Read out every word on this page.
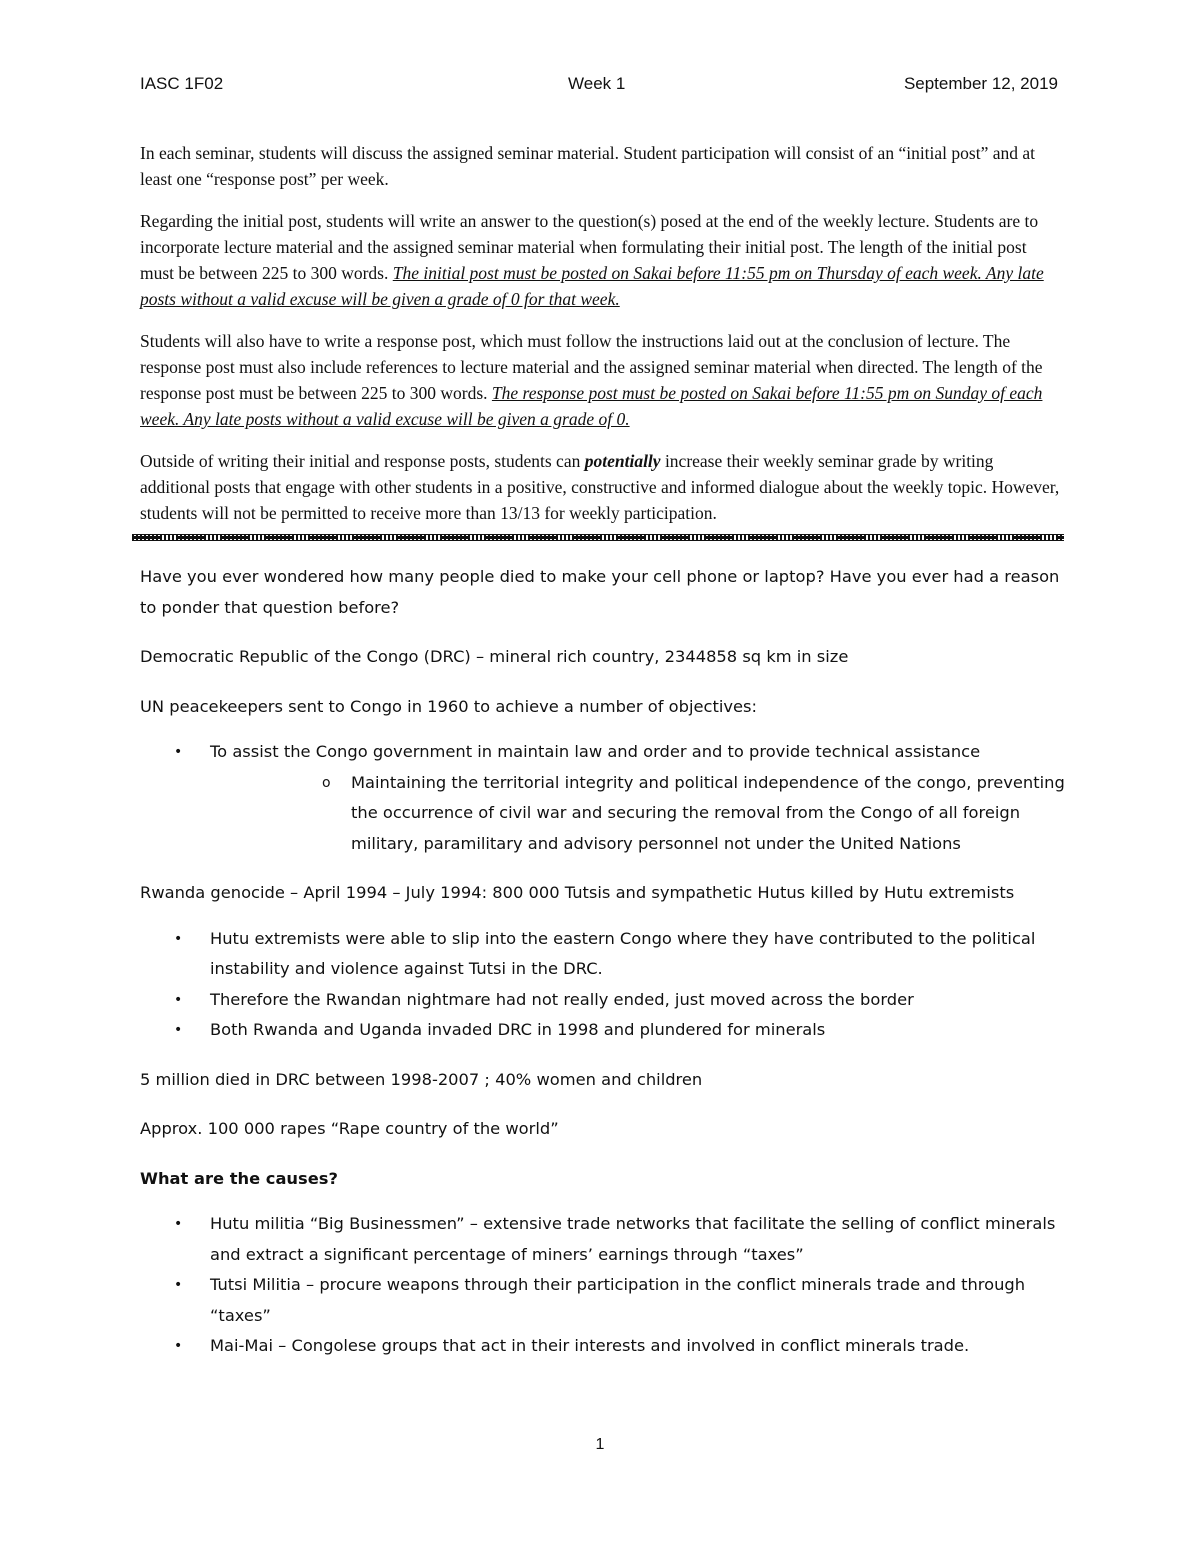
IASC 1F02	Week 1	September 12, 2019

In each seminar, students will discuss the assigned seminar material. Student participation will consist of an “initial post” and at least one “response post” per week.

Regarding the initial post, students will write an answer to the question(s) posed at the end of the weekly lecture. Students are to incorporate lecture material and the assigned seminar material when formulating their initial post. The length of the initial post must be between 225 to 300 words. The initial post must be posted on Sakai before 11:55 pm on Thursday of each week. Any late posts without a valid excuse will be given a grade of 0 for that week.

Students will also have to write a response post, which must follow the instructions laid out at the conclusion of lecture. The response post must also include references to lecture material and the assigned seminar material when directed. The length of the response post must be between 225 to 300 words. The response post must be posted on Sakai before 11:55 pm on Sunday of each week. Any late posts without a valid excuse will be given a grade of 0.

Outside of writing their initial and response posts, students can potentially increase their weekly seminar grade by writing additional posts that engage with other students in a positive, constructive and informed dialogue about the weekly topic. However, students will not be permitted to receive more than 13/13 for weekly participation.

Have you ever wondered how many people died to make your cell phone or laptop? Have you ever had a reason to ponder that question before?

Democratic Republic of the Congo (DRC) – mineral rich country, 2344858 sq km in size

UN peacekeepers sent to Congo in 1960 to achieve a number of objectives:

• To assist the Congo government in maintain law and order and to provide technical assistance
o Maintaining the territorial integrity and political independence of the congo, preventing the occurrence of civil war and securing the removal from the Congo of all foreign military, paramilitary and advisory personnel not under the United Nations

Rwanda genocide – April 1994 – July 1994: 800 000 Tutsis and sympathetic Hutus killed by Hutu extremists

• Hutu extremists were able to slip into the eastern Congo where they have contributed to the political instability and violence against Tutsi in the DRC.
• Therefore the Rwandan nightmare had not really ended, just moved across the border
• Both Rwanda and Uganda invaded DRC in 1998 and plundered for minerals

5 million died in DRC between 1998-2007 ; 40% women and children

Approx. 100 000 rapes “Rape country of the world”

What are the causes?

• Hutu militia “Big Businessmen” – extensive trade networks that facilitate the selling of conflict minerals and extract a significant percentage of miners’ earnings through “taxes”
• Tutsi Militia – procure weapons through their participation in the conflict minerals trade and through “taxes”
• Mai-Mai – Congolese groups that act in their interests and involved in conflict minerals trade.
1
